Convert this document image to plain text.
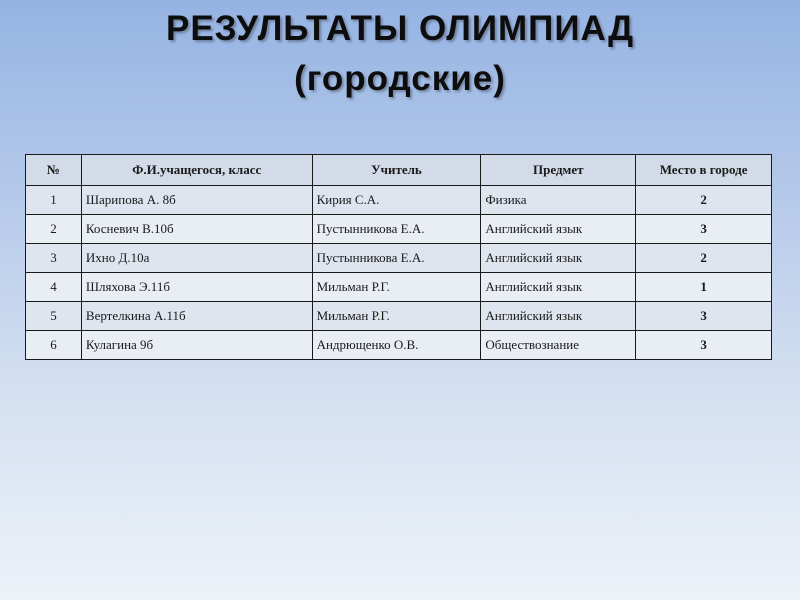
РЕЗУЛЬТАТЫ ОЛИМПИАД
(городские)
№	Ф.И.учащегося, класс	Учитель	Предмет	Место в городе
1	Шарипова А. 8б	Кирия С.А.	Физика	2
2	Косневич В.10б	Пустынникова Е.А.	Английский язык	3
3	Ихно Д.10а	Пустынникова Е.А.	Английский язык	2
4	Шляхова Э.11б	Мильман Р.Г.	Английский язык	1
5	Вертелкина А.11б	Мильман Р.Г.	Английский язык	3
6	Кулагина 9б	Андрющенко О.В.	Обществознание	3
